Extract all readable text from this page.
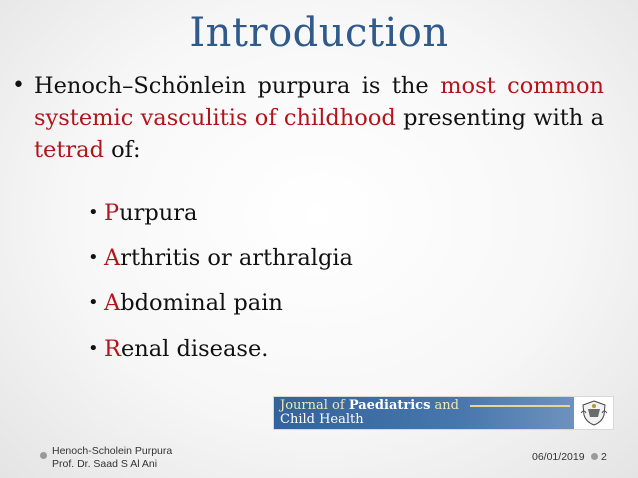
Introduction
• Henoch–Schönlein purpura is the most common systemic vasculitis of childhood presenting with a tetrad of:
• Purpura
• Arthritis or arthralgia
• Abdominal pain
• Renal disease.
Journal of Paediatrics and
Child Health
Henoch-Scholein Purpura
Prof. Dr. Saad S Al Ani
06/01/2019 2
